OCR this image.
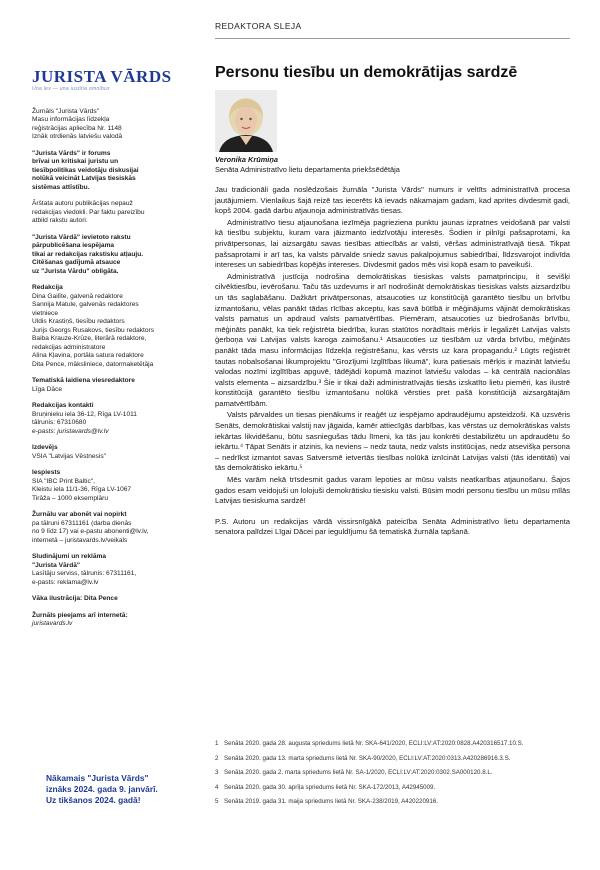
REDAKTORA SLEJA
JURISTA VĀRDS
Una lex — una iustitia omnibus
Žurnāls "Jurista Vārds"
Masu informācijas līdzekļa
reģistrācijas apliecība Nr. 1148
Iznāk otrdienās latviešu valodā
"Jurista Vārds" ir forums
brīvai un kritiskai juristu un
tiesībpolitikas veidotāju diskusijai
nolūkā veicināt Latvijas tiesiskās
sistēmas attīstību.
Ārštata autoru publikācijas nepauž
redakcijas viedokli. Par faktu pareizību
atbild rakstu autori.
"Jurista Vārdā" ievietoto rakstu
pārpublicēšana iespējama
tikai ar redakcijas rakstisku atļauju.
Citēšanas gadījumā atsauce
uz "Jurista Vārdu" obligāta.
Redakcija
Dina Gailīte, galvenā redaktore
Sannija Matule, galvenās redaktores
vietniece
Uldis Krastiņš, tiesību redaktors
Jurijs Georgs Rusakovs, tiesību redaktors
Baiba Krauze-Krūze, literārā redaktore,
redakcijas administratore
Alina Kļavina, portāla satura redaktore
Dita Pence, māksliniece, datormaketētāja
Tematiskā laidiena viesredaktore
Līga Dāce
Redakcijas kontakti
Bruņinieku iela 36-12, Rīga LV-1011
tālrunis: 67310680
e-pasts: juristavards@lv.lv
Izdevējs
VSIA "Latvijas Vēstnesis"
Iespiests
SIA "IBC Print Baltic",
Kleistu iela 11/1-36, Rīga LV-1067
Tirāža – 1000 eksemplāru
Žurnālu var abonēt vai nopirkt
pa tālruni 67311161 (darba dienās
no 9 līdz 17) vai e-pastu abonenti@lv.lv,
internetā – juristavards.lv/veikals
Sludinājumi un reklāma
"Jurista Vārdā"
Lasītāju serviss, tālrunis: 67311161,
e-pasts: reklama@lv.lv
Vāka ilustrācija: Dita Pence
Žurnāls pieejams arī internetā:
juristavards.lv
Nākamais "Jurista Vārds"
iznāks 2024. gada 9. janvārī.
Uz tikšanos 2024. gadā!
Personu tiesību un demokrātijas sardzē
Veronika Krūmiņa
Senāta Administratīvo lietu departamenta priekšsēdētāja

Jau tradicionāli gada noslēdzošais žurnāla "Jurista Vārds" numurs ir veltīts administratīvā procesa jautājumiem. Vienlaikus šajā reizē tas iecerēts kā ievads nākamajam gadam, kad aprites divdesmit gadi, kopš 2004. gadā darbu atjaunoja administratīvās tiesas.

Administratīvo tiesu atjaunošana iezīmēja pagrieziena punktu jaunas izpratnes veidošanā par valsti kā tiesību subjektu, kuram vara jāizmanto iedzīvotāju interesēs. Šodien ir pilnīgi pašsaprotami, ka privātpersonas, lai aizsargātu savas tiesības attiecībās ar valsti, vēršas administratīvajā tiesā. Tikpat pašsaprotami ir arī tas, ka valsts pārvalde sniedz savus pakalpojumus sabiedrībai, līdzsvarojot indivīda intereses un sabiedrības kopējās intereses. Divdesmit gados mēs visi kopā esam to paveikuši.

Administratīvā justīcija nodrošina demokrātiskas tiesiskas valsts pamatprincipu, it sevišķi cilvēktiesību, ievērošanu. Taču tās uzdevums ir arī nodrošināt demokrātiskas tiesiskas valsts aizsardzību un tās saglabāšanu. Dažkārt privātpersonas, atsaucoties uz konstitūcijā garantēto tiesību un brīvību izmantošanu, vēlas panākt tādas rīcības akceptu, kas savā būtībā ir mēģinājums vājināt demokrātiskas valsts pamatus un apdraud valsts pamatvērtības. Piemēram, atsaucoties uz biedrošanās brīvību, mēģināts panākt, ka tiek reģistrēta biedrība, kuras statūtos norādītais mērķis ir legalizēt Latvijas valsts ģerboņa vai Latvijas valsts karoga zaimošanu.¹ Atsaucoties uz tiesībām uz vārda brīvību, mēģināts panākt tāda masu informācijas līdzekļa reģistrēšanu, kas vērsts uz kara propagandu.² Lūgts reģistrēt tautas nobalsošanai likumprojektu "Grozījumi Izglītības likumā", kura patiesais mērķis ir mazināt latviešu valodas nozīmi izglītības apguvē, tādējādi kopumā mazinot latviešu valodas – kā centrālā nacionālas valsts elementa – aizsardzību.³ Šie ir tikai daži administratīvajās tiesās izskatīto lietu piemēri, kas ilustrē konstitūcijā garantēto tiesību izmantošanu nolūkā vērsties pret pašā konstitūcijā aizsargātajām pamatvērtībām.

Valsts pārvaldes un tiesas pienākums ir reaģēt uz iespējamo apdraudējumu apsteidzoši. Kā uzsvēris Senāts, demokrātiskai valstij nav jāgaida, kamēr attiecīgās darbības, kas vērstas uz demokrātiskas valsts iekārtas likvidēšanu, būtu sasniegušas tādu līmeni, ka tās jau konkrēti destabilizētu un apdraudētu šo iekārtu.⁴ Tāpat Senāts ir atzinis, ka neviens – nedz tauta, nedz valsts institūcijas, nedz atsevišķa persona – nedrīkst izmantot savas Satversmē ietvertās tiesības nolūkā iznīcināt Latvijas valsti (tās identitāti) vai tās demokrātisko iekārtu.⁵

Mēs varām nekā trīsdesmit gadus varam lepoties ar mūsu valsts neatkarības atjaunošanu. Šajos gados esam veidojuši un lolojuši demokrātisku tiesisku valsti. Būsim modri personu tiesību un mūsu mīlās Latvijas tiesiskuma sardzē!

P.S. Autoru un redakcijas vārdā vissirsnīgākā pateicība Senāta Administratīvo lietu departamenta senatora palīdzei Līgai Dācei par ieguldījumu šā tematiskā žurnāla tapšanā.

1 Senāta 2020. gada 28. augusta spriedums lietā Nr. SKA-641/2020, ECLI:LV:AT:2020:0828.A420316517.10.S.
2 Senāta 2020. gada 13. marta spriedums lietā Nr. SKA-90/2020, ECLI:LV:AT:2020:0313.A420286916.3.S.
3 Senāta 2020. gada 2. marta spriedums lietā Nr. SA-1/2020, ECLI:LV:AT:2020:0302.SA000120.8.L.
4 Senāta 2020. gada 30. aprīļa spriedums lietā Nr. SKA-172/2013, A42945009.
5 Senāta 2019. gada 31. maija spriedums lietā Nr. SKA-238/2019, A420220916.
